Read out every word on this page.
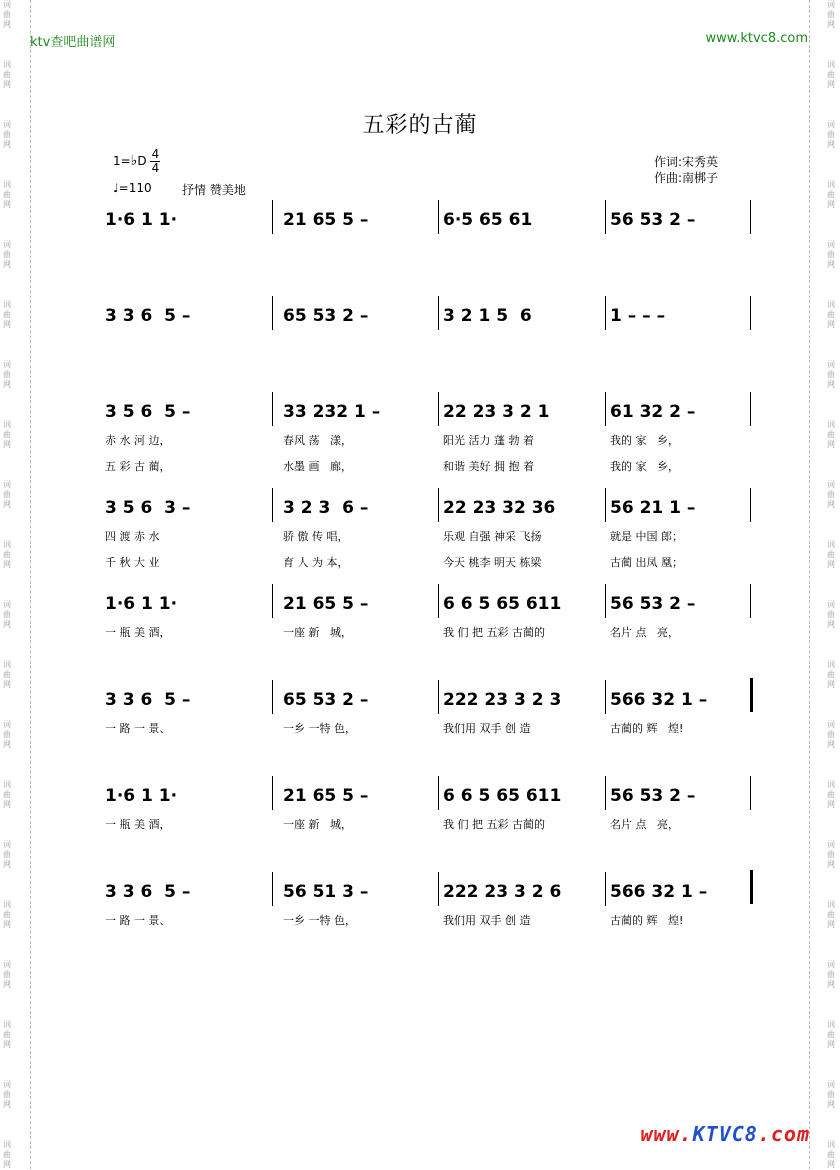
词
曲
网
词
曲
网
词
曲
网
词
曲
网
词
曲
网
词
曲
网
词
曲
网
词
曲
网
词
曲
网
词
曲
网
词
曲
网
词
曲
网
词
曲
网
词
曲
网
词
曲
网
词
曲
网
词
曲
网
词
曲
网
词
曲
网
词
曲
网
词
曲
网
词
曲
网
词
曲
网
词
曲
网
词
曲
网
词
曲
网
词
曲
网
词
曲
网
词
曲
网
词
曲
网
词
曲
网
词
曲
网
词
曲
网
词
曲
网
词
曲
网
词
曲
网
词
曲
网
词
曲
网
词
曲
网
词
曲
网
ktv查吧曲谱网	www.ktvc8.com
五彩的古蔺
1=♭D $\frac{4}{4}$
♩=110	抒情 赞美地
作词:宋秀英
作曲:南梆子
1·6 1 1·	21 65 5 –	6·5 65 61	56 53 2 –
3 3 6  5 –	65 53 2 –	3 2 1 5  6	1 – – –
3 5 6  5 –	33 232 1 –	22 23 3 2 1	61 32 2 –
赤 水 河 边，	春风 荡   漾，	阳光 活力 蓬 勃 着	我的 家   乡，
五 彩 古 蔺，	水墨 画   廊，	和谐 美好 拥 抱 着	我的 家   乡，
3 5 6  3 –	3 2 3  6 –	22 23 32 36	56 21 1 –
四 渡 赤 水	骄 傲 传 唱，	乐观 自强 神采 飞扬	就是 中国 郎；
千 秋 大 业	育 人 为 本，	今天 桃李 明天 栋梁	古蔺 出凤 凰；
1·6 1 1·	21 65 5 –	6 6 5 65 611	56 53 2 –
一 瓶 美 酒，	一座 新   城，	我 们 把 五彩 古蔺的	名片 点   亮，
3 3 6  5 –	65 53 2 –	222 23 3 2 3	566 32 1 –
一 路 一 景、	一乡 一特 色，	我们用 双手 创 造	古蔺的 辉   煌!
1·6 1 1·	21 65 5 –	6 6 5 65 611	56 53 2 –
一 瓶 美 酒，	一座 新   城，	我 们 把 五彩 古蔺的	名片 点   亮，
3 3 6  5 –	56 51 3 –	222 23 3 2 6	566 32 1 –
一 路 一 景、	一乡 一特 色，	我们用 双手 创 造	古蔺的 辉   煌!
www.KTVC8.com
